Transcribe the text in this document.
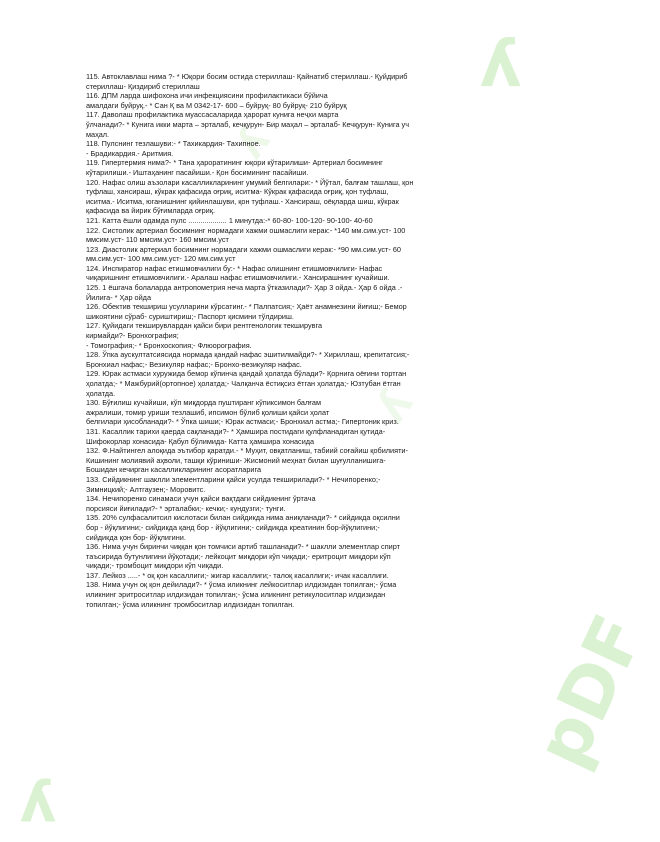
ʎ
ʎ
ʎ
pDF
ʎ

115. Автоклавлаш нима ?- * Юқори босим остида стериллаш- Қайнатиб стериллаш.- Қуйдириб

стериллаш- Қиздириб стериллаш

116. ДПМ ларда шифохона ичи инфекциясини профилактикаси бўйича

амалдаги буйруқ.- * Сан Қ ва М 0342-17- 600 – буйруқ- 80 буйруқ- 210 буйруқ

117. Даволаш профилактика муассасаларида ҳарорат кунига неҷхи марта

ўлчанади?- * Кунига икки марта – эрталаб, кечқурун- Бир маҳал – эрталаб- Кечқурун- Кунига уч

маҳал.

118. Пулснинг тезлашуви:- * Тахикардия- Тахипноe.

- Брадикардия.- Аритмия.

119. Гипертермия нима?- * Тана ҳароратининг юқори кўтарилиши- Артериал босимнинг

кўтарилиши.- Иштаҳанинг пасайиши.- Қон босимининг пасайиши.

120. Нафас олиш аъзолари касалликларининг умумий белгилари:- * Йўтал, балғам ташлаш, қон

туфлаш, хансираш, кўкрак қафасида оғриқ, иситма- Кўкрак қафасида оғриқ, қон туфлаш,

иситма.- Иситма, юганишнинг қийинлашуви, қон туфлаш.- Хансираш, оёқларда шиш, кўкрак

қафасида ва йирик бўғимларда оғриқ.

121. Катта ёшли одамда пулс ................... 1 минутда:-* 60-80- 100-120- 90-100- 40-60

122. Систолик артериал босимнинг нормадаги хажми ошмаслиги керак:- *140 мм.сим.уст- 100

ммсим.уст- 110 ммсим.уст- 160 ммсим.уст

123. Диастолик артериал босимнинг нормадаги хажми ошмаслиги керак:- *90 мм.сим.уст- 60

мм.сим.уст- 100 мм.сим.уст- 120 мм.сим.уст

124. Инспиратор нафас етишмовчилиги бу:- * Нафас олишнинг етишмовчилиги- Нафас

чиқаришнинг етишмовчилиги.- Аралаш нафас етишмовчилиги.- Хансирашнинг кучайиши.

125. 1 ёшгача болаларда антропометрия неча марта ўтказилади?- Ҳар 3 ойда.- Ҳар 6 ойда .-

Йилига- * Ҳар ойда

126. Обектив текшириш усулларини кўрсатинг.- * Палпатсия;- Ҳаёт анамнезини йиғиш;- Бемор

шикоятини сўраб- суриштириш;- Паспорт қисмини тўлдириш.

127. Қуйидаги текширувлардан қайси бири рентгенологик текширувга

кирмайди?- Бронхография;

- Томография;- * Бронхоскопия;- Флюорография.

128. Ўпка аускултатсиясида нормада қандай нафас эшитилмайди?- * Хириллаш, крепитатсия;-

Бронхиал нафас;- Везикуляр нафас;- Бронхо-везикуляр нафас.

129. Юрак астмаси хуружида бемор кўпинча қандай ҳолатда бўлади?- Қорнига оёғини тортган

ҳолатда;- * Мажбурий(ортопноe) ҳолатда;- Чалқанча ёстиқсиз ётган ҳолатда;- Юзтубан ётган

ҳолатда.

130. Бўғилиш кучайиши, кўп миқдорда пуштиранг кўпиксимон балғам

ажралиши, томир уриши тезлашиб, ипсимон бўлиб қолиши қайси ҳолат

белгилари ҳисобланади?- * Ўпка шиши;- Юрак астмаси;- Бронхиал астма;- Гипертоник криз.

131. Касаллик тарихи қаерда сақланади?- * Ҳамшира постидаги қулфланадиган қутида-

Шифокорлар хонасида- Қабул бўлимида- Катта ҳамшира хонасида

132. Ф.Найтингел алоқида эътибор қаратди.- * Муҳит, овқатланиш, табиий соғайиш қобилияти-

Кишининг молиявий аҳволи, ташқи кўриниши- Жисмоний меҳнат билан шуғулланишига-

Бошидан кечирган касалликларининг асоратларига

133. Сийдикнинг шаклли элементларини қайси усулда текширилади?- * Нечипоренко;-

Зимницкий;- Алтгаузен;- Моровитс.

134. Нечипоренко синамаси учун қайси вақтдаги сийдикнинг ўртача

порсияси йиғилади?- * эрталабки;- кечки;- кундузги;- тунги.

135. 20% сулфасалитсил кислотаси билан сийдикда нима аниқланади?- * сийдикда оқсилни

бор - йўқлигини;- сийдикда қанд бор - йўқлигини;- сийдикда креатинин бор-йўқлигини;-

сийдикда қон бор- йўқлигини.

136. Нима учун биринчи чиққан қон томчиси артиб ташланади?- * шаклли элементлар спирт

таъсирида бутунлигини йўқотади;- лейкоцит миқдори кўп чиқади;- еритроцит миқдори кўп

чиқади;- тромбоцит миқдори кўп чиқади.

137. Лейкоз .....- * оқ қон касаллиги;- жигар касаллиги;- талоқ касаллиги;- ичак касаллиги.

138. Нима учун оқ қон дейилади?- * ўсма иликнинг лейкоситлар илдизидан топилган;- ўсма

иликнинг эритроситлар илдизидан топилган;- ўсма иликнинг ретикулоситлар илдизидан

топилган;- ўсма иликнинг тромбоситлар илдизидан топилган.
